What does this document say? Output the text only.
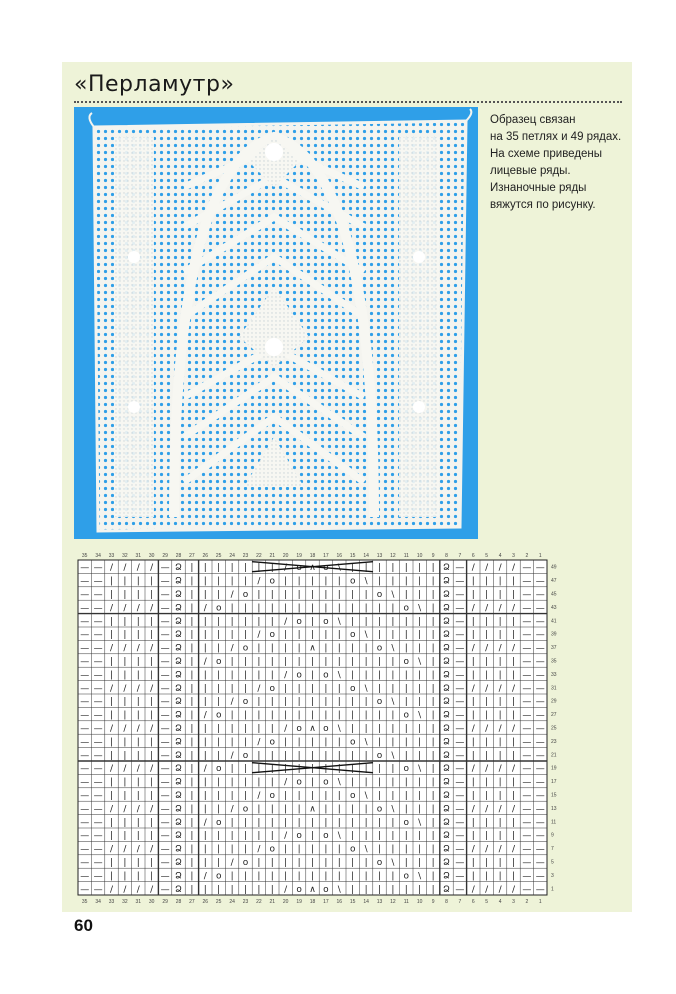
«Перламутр»
Образец связан
на 35 петлях и 49 рядах.
На схеме приведены
лицевые ряды.
Изнаночные ряды
вяжутся по рисунку.
35
35
34
34
33
33
32
32
31
31
30
30
29
29
28
28
27
27
26
26
25
25
24
24
23
23
22
22
21
21
20
20
19
19
18
18
17
17
16
16
15
15
14
14
13
13
12
12
11
11
10
10
9
9
8
8
7
7
6
6
5
5
4
4
3
3
2
2
1
1
49
47
45
43
41
39
37
35
33
31
29
27
25
23
21
19
17
15
13
11
9
7
5
3
1
— — / / / / — Ձ | | | | | | | / o ∧ o \ | | | | | | | Ձ — / / / / — —
— — | | | | — Ձ | | | | | / o | | | | | o \ | | | | | Ձ — | | | | — —
— — | | | | — Ձ | | | / o | | | | | | | | | o \ | | | Ձ — | | | | — —
— — / / / / — Ձ | / o | | | | | | | | | | | | | o \ | Ձ — / / / / — —
— — | | | | — Ձ | | | | | | | / o | o \ | | | | | | | Ձ — | | | | — —
— — | | | | — Ձ | | | | | / o | | | | | o \ | | | | | Ձ — | | | | — —
— — / / / / — Ձ | | | / o | | | | ∧ | | | | o \ | | | Ձ — / / / / — —
— — | | | | — Ձ | / o | | | | | | | | | | | | | o \ | Ձ — | | | | — —
— — | | | | — Ձ | | | | | | | / o | o \ | | | | | | | Ձ — | | | | — —
— — / / / / — Ձ | | | | | / o | | | | | o \ | | | | | Ձ — / / / / — —
— — | | | | — Ձ | | | / o | | | | | | | | | o \ | | | Ձ — | | | | — —
— — | | | | — Ձ | / o | | | | | | | | | | | | | o \ | Ձ — | | | | — —
— — / / / / — Ձ | | | | | | | / o ∧ o \ | | | | | | | Ձ — / / / / — —
— — | | | | — Ձ | | | | | / o | | | | | o \ | | | | | Ձ — | | | | — —
— — | | | | — Ձ | | | / o | | | | | | | | | o \ | | | Ձ — | | | | — —
— — / / / / — Ձ | / o | | | | | | | | | | | | | o \ | Ձ — / / / / — —
— — | | | | — Ձ | | | | | | | / o | o \ | | | | | | | Ձ — | | | | — —
— — | | | | — Ձ | | | | | / o | | | | | o \ | | | | | Ձ — | | | | — —
— — / / / / — Ձ | | | / o | | | | ∧ | | | | o \ | | | Ձ — / / / / — —
— — | | | | — Ձ | / o | | | | | | | | | | | | | o \ | Ձ — | | | | — —
— — | | | | — Ձ | | | | | | | / o | o \ | | | | | | | Ձ — | | | | — —
— — / / / / — Ձ | | | | | / o | | | | | o \ | | | | | Ձ — / / / / — —
— — | | | | — Ձ | | | / o | | | | | | | | | o \ | | | Ձ — | | | | — —
— — | | | | — Ձ | / o | | | | | | | | | | | | | o \ | Ձ — | | | | — —
— — / / / / — Ձ | | | | | | | / o ∧ o \ | | | | | | | Ձ — / / / / — —
60
